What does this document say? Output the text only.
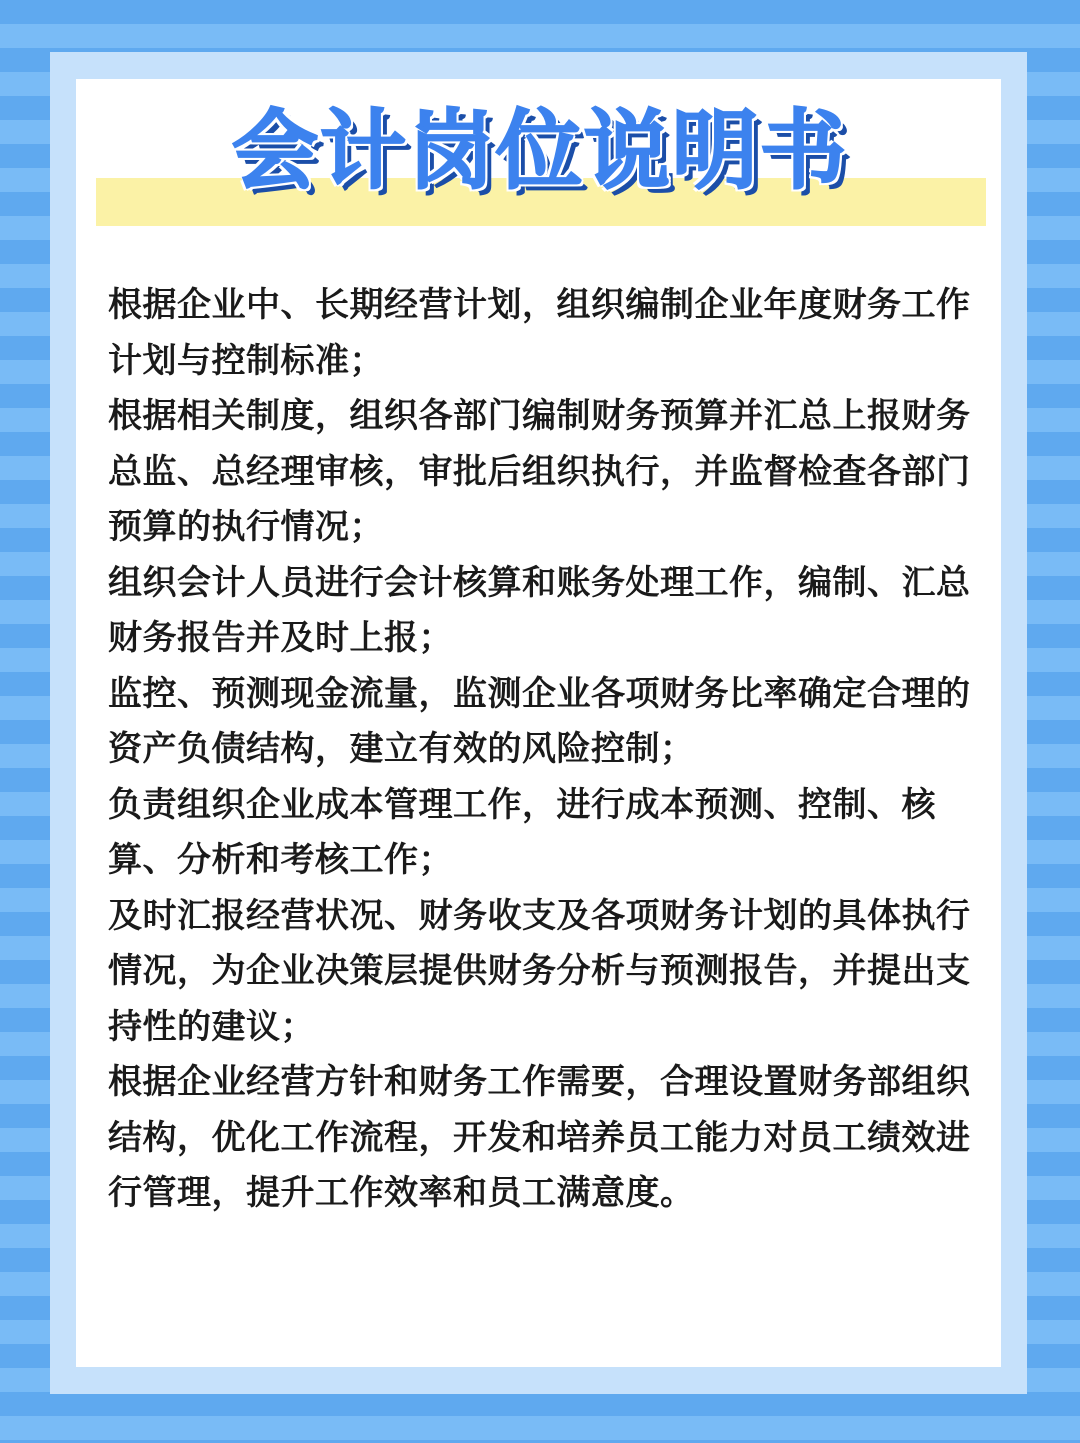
会计岗位说明书
根据企业中、长期经营计划，组织编制企业年度财务工作计划与控制标准；
根据相关制度，组织各部门编制财务预算并汇总上报财务总监、总经理审核，审批后组织执行，并监督检查各部门预算的执行情况；
组织会计人员进行会计核算和账务处理工作，编制、汇总财务报告并及时上报；
监控、预测现金流量，监测企业各项财务比率确定合理的资产负债结构，建立有效的风险控制；
负责组织企业成本管理工作，进行成本预测、控制、核算、分析和考核工作；
及时汇报经营状况、财务收支及各项财务计划的具体执行情况，为企业决策层提供财务分析与预测报告，并提出支持性的建议；
根据企业经营方针和财务工作需要，合理设置财务部组织结构，优化工作流程，开发和培养员工能力对员工绩效进行管理，提升工作效率和员工满意度。
